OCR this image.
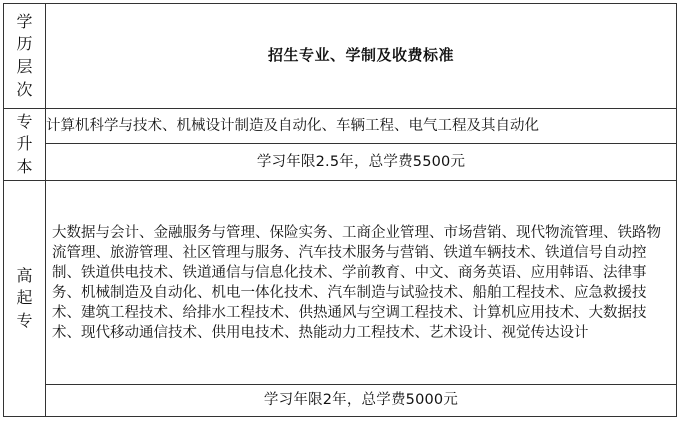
学历层次	招生专业、学制及收费标准
专升本	计算机科学与技术、机械设计制造及自动化、车辆工程、电气工程及其自动化
	学习年限2.5年，总学费5500元
高起专	大数据与会计、金融服务与管理、保险实务、工商企业管理、市场营销、现代物流管理、铁路物流管理、旅游管理、社区管理与服务、汽车技术服务与营销、铁道车辆技术、铁道信号自动控制、铁道供电技术、铁道通信与信息化技术、学前教育、中文、商务英语、应用韩语、法律事务、机械制造及自动化、机电一体化技术、汽车制造与试验技术、船舶工程技术、应急救援技术、建筑工程技术、给排水工程技术、供热通风与空调工程技术、计算机应用技术、大数据技术、现代移动通信技术、供用电技术、热能动力工程技术、艺术设计、视觉传达设计
	学习年限2年，总学费5000元
